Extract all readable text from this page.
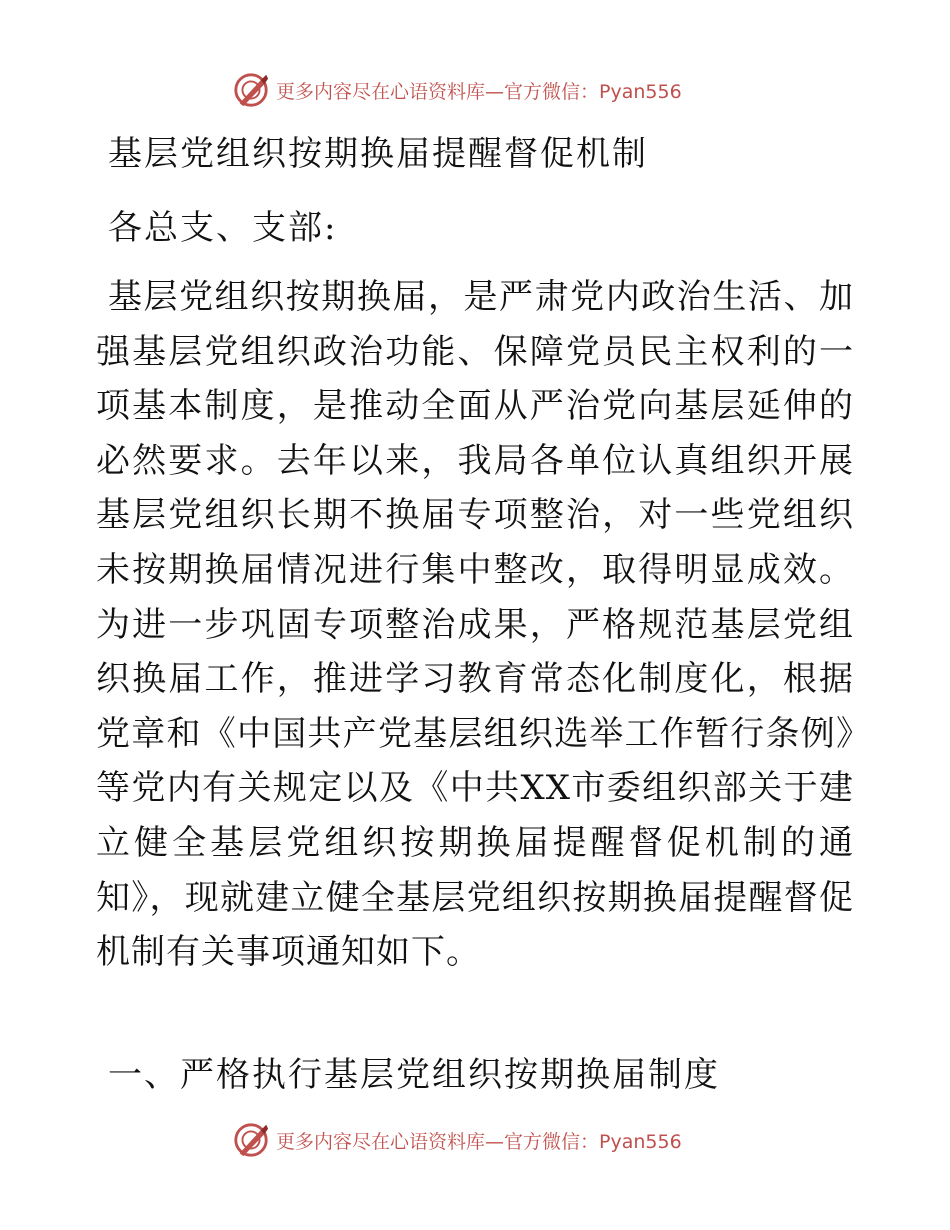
更多内容尽在心语资料库—官方微信：Pyan556
基层党组织按期换届提醒督促机制
各总支、支部:

基层党组织按期换届，是严肃党内政治生活、加强基层党组织政治功能、保障党员民主权利的一项基本制度，是推动全面从严治党向基层延伸的必然要求。去年以来，我局各单位认真组织开展基层党组织长期不换届专项整治，对一些党组织未按期换届情况进行集中整改，取得明显成效。为进一步巩固专项整治成果，严格规范基层党组织换届工作，推进学习教育常态化制度化，根据党章和《中国共产党基层组织选举工作暂行条例》等党内有关规定以及《中共XX市委组织部关于建立健全基层党组织按期换届提醒督促机制的通知》，现就建立健全基层党组织按期换届提醒督促机制有关事项通知如下。

一、严格执行基层党组织按期换届制度
更多内容尽在心语资料库—官方微信：Pyan556
